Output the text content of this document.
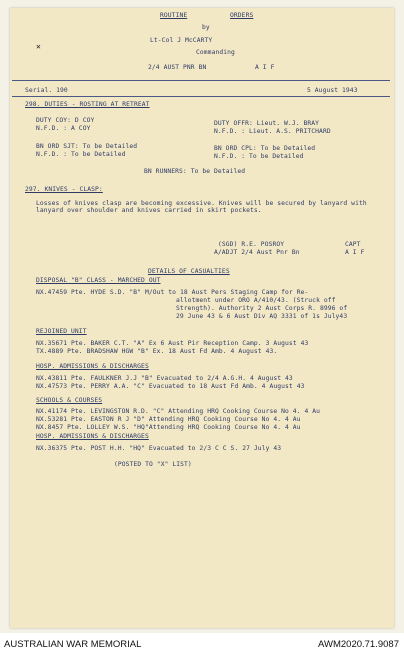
✕
ROUTINE	ORDERS
by
Lt-Col J McCARTY
Commanding
2/4 AUST PNR BN	A I F
Serial. 190	5 August 1943
298. DUTIES - ROSTING AT RETREAT
DUTY COY: D COY
N.F.D. : A COY
DUTY OFFR: Lieut. W.J. BRAY
N.F.D. : Lieut. A.S. PRITCHARD
BN ORD SJT: To be Detailed
N.F.D. : To be Detailed
BN ORD CPL: To be Detailed
N.F.D. : To be Detailed
BN RUNNERS: To be Detailed
297. KNIVES - CLASP:
Losses of knives clasp are becoming excessive. Knives will be secured by lanyard with lanyard over shoulder and knives carried in skirt pockets.
(SGD) R.E. POSROY	CAPT
A/ADJT 2/4 Aust Pnr Bn	A I F
DETAILS OF CASUALTIES
DISPOSAL "B" CLASS - MARCHED OUT
NX.47459 Pte. HYDE S.D. "B" M/Out to 18 Aust Pers Staging Camp for Re-
allotment under ORO A/410/43. (Struck off
Strength). Authority 2 Aust Corps R. 8996 of
29 June 43 & 6 Aust Div AQ 3331 of 1s July43
REJOINED UNIT
NX.35671 Pte. BAKER C.T. "A" Ex 6 Aust Pir Reception Camp. 3 August 43
TX.4889 Pte. BRADSHAW HGW "B" Ex. 18 Aust Fd Amb. 4 August 43.
HOSP. ADMISSIONS & DISCHARGES
NX.43811 Pte. FAULKNER J.J "B" Evacuated to 2/4 A.G.H. 4 August 43
NX.47573 Pte. PERRY A.A. "C" Evacuated to 18 Aust Fd Amb. 4 August 43
SCHOOLS & COURSES
NX.41174 Pte. LEVINGSTON R.D. "C" Attending HRQ Cooking Course No 4. 4 Au
NX.53281 Pte. EASTON R J "D" Attending HRQ Cooking Course No 4. 4 Au
NX.8457 Pte. LOLLEY W.S. "HQ"Attending HRQ Cooking Course No 4. 4 Au
HOSP. ADMISSIONS & DISCHARGES
NX.36375 Pte. POST H.H. "HQ" Evacuated to 2/3 C C S. 27 July 43
(POSTED TO "X" LIST)
AUSTRALIAN WAR MEMORIAL	AWM2020.71.9087
